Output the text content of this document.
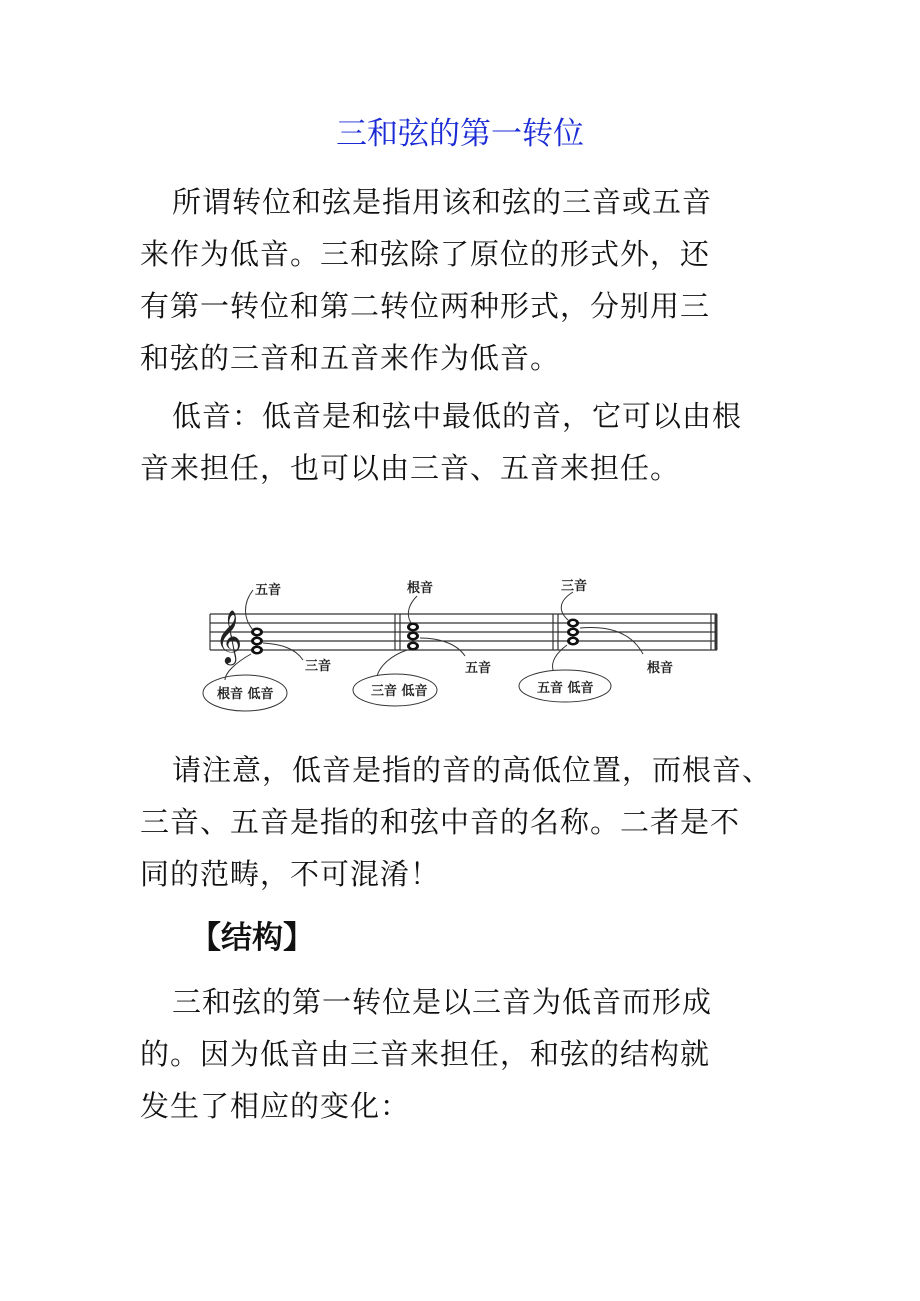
三和弦的第一转位
所谓转位和弦是指用该和弦的三音或五音
来作为低音。三和弦除了原位的形式外，还
有第一转位和第二转位两种形式，分别用三
和弦的三音和五音来作为低音。
低音：低音是和弦中最低的音，它可以由根
音来担任，也可以由三音、五音来担任。
𝄞
五音
三音
根音 低音
根音
五音
三音 低音
三音
根音
五音 低音
请注意，低音是指的音的高低位置，而根音、
三音、五音是指的和弦中音的名称。二者是不
同的范畴，不可混淆！
【结构】
三和弦的第一转位是以三音为低音而形成
的。因为低音由三音来担任，和弦的结构就
发生了相应的变化：
